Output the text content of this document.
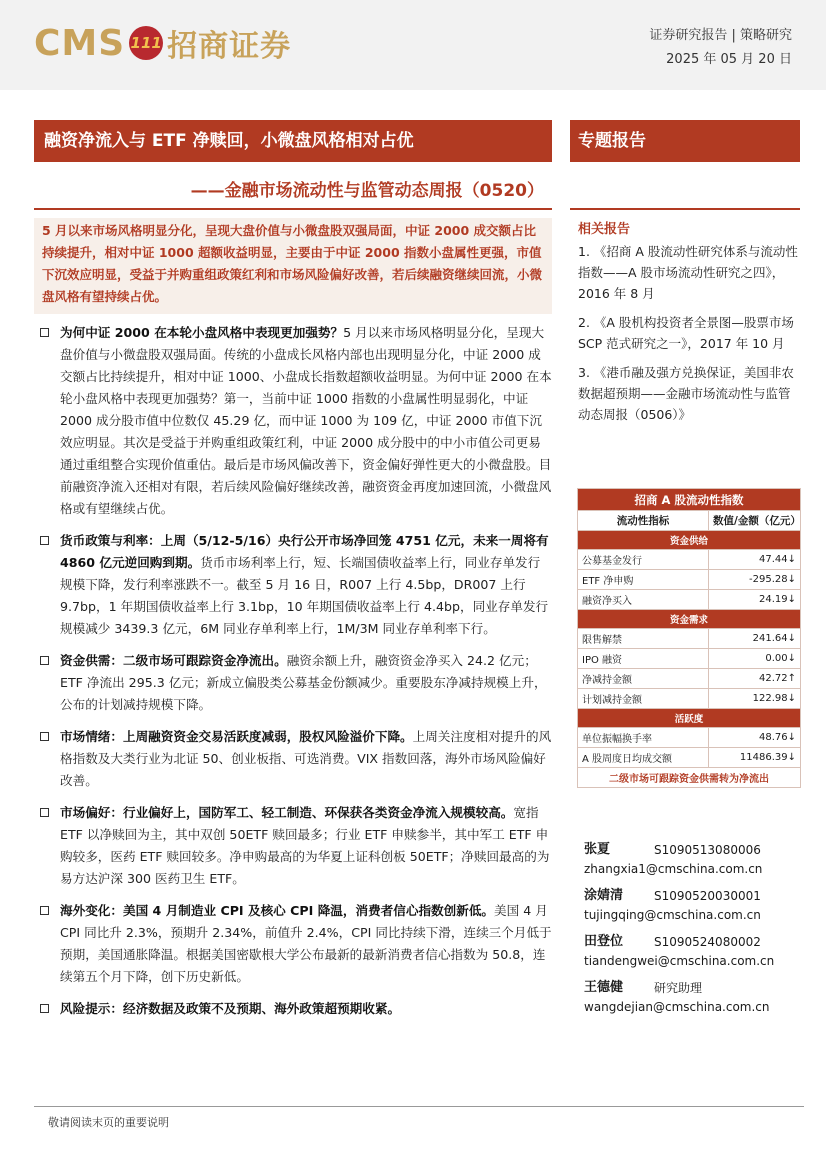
CMS 111 招商证券	证券研究报告 | 策略研究
2025 年 05 月 20 日
融资净流入与 ETF 净赎回，小微盘风格相对占优
——金融市场流动性与监管动态周报（0520）
专题报告
5 月以来市场风格明显分化，呈现大盘价值与小微盘股双强局面，中证 2000 成交额占比持续提升，相对中证 1000 超额收益明显，主要由于中证 2000 指数小盘属性更强，市值下沉效应明显，受益于并购重组政策红利和市场风险偏好改善，若后续融资继续回流，小微盘风格有望持续占优。
为何中证 2000 在本轮小盘风格中表现更加强势？5 月以来市场风格明显分化，呈现大盘价值与小微盘股双强局面。传统的小盘成长风格内部也出现明显分化，中证 2000 成交额占比持续提升，相对中证 1000、小盘成长指数超额收益明显。为何中证 2000 在本轮小盘风格中表现更加强势？第一，当前中证 1000 指数的小盘属性明显弱化，中证 2000 成分股市值中位数仅 45.29 亿，而中证 1000 为 109 亿，中证 2000 市值下沉效应明显。其次是受益于并购重组政策红利，中证 2000 成分股中的中小市值公司更易通过重组整合实现价值重估。最后是市场风偏改善下，资金偏好弹性更大的小微盘股。目前融资净流入还相对有限，若后续风险偏好继续改善，融资资金再度加速回流，小微盘风格或有望继续占优。
货币政策与利率：上周（5/12-5/16）央行公开市场净回笼 4751 亿元，未来一周将有 4860 亿元逆回购到期。货币市场利率上行，短、长端国债收益率上行，同业存单发行规模下降，发行利率涨跌不一。截至 5 月 16 日，R007 上行 4.5bp，DR007 上行 9.7bp，1 年期国债收益率上行 3.1bp，10 年期国债收益率上行 4.4bp，同业存单发行规模减少 3439.3 亿元，6M 同业存单利率上行，1M/3M 同业存单利率下行。
资金供需：二级市场可跟踪资金净流出。融资余额上升，融资资金净买入 24.2 亿元；ETF 净流出 295.3 亿元；新成立偏股类公募基金份额减少。重要股东净减持规模上升，公布的计划减持规模下降。
市场情绪：上周融资资金交易活跃度减弱，股权风险溢价下降。上周关注度相对提升的风格指数及大类行业为北证 50、创业板指、可选消费。VIX 指数回落，海外市场风险偏好改善。
市场偏好：行业偏好上，国防军工、轻工制造、环保获各类资金净流入规模较高。宽指 ETF 以净赎回为主，其中双创 50ETF 赎回最多；行业 ETF 申赎参半，其中军工 ETF 申购较多，医药 ETF 赎回较多。净申购最高的为华夏上证科创板 50ETF；净赎回最高的为易方达沪深 300 医药卫生 ETF。
海外变化：美国 4 月制造业 CPI 及核心 CPI 降温，消费者信心指数创新低。美国 4 月 CPI 同比升 2.3%，预期升 2.34%，前值升 2.4%，CPI 同比持续下滑，连续三个月低于预期，美国通胀降温。根据美国密歇根大学公布最新的最新消费者信心指数为 50.8，连续第五个月下降，创下历史新低。
风险提示：经济数据及政策不及预期、海外政策超预期收紧。
相关报告
1. 《招商 A 股流动性研究体系与流动性指数——A 股市场流动性研究之四》，2016 年 8 月
2. 《A 股机构投资者全景图—股票市场 SCP 范式研究之一》，2017 年 10 月
3. 《港币融及强方兑换保证，美国非农数据超预期——金融市场流动性与监管动态周报（0506）》
招商 A 股流动性指数	
流动性指标	数值/金额（亿元）
资金供给	
公募基金发行	47.44↓
ETF 净申购	-295.28↓
融资净买入	24.19↓
资金需求	
限售解禁	241.64↓
IPO 融资	0.00↓
净减持金额	42.72↑
计划减持金额	122.98↓
活跃度	
单位振幅换手率	48.76↓
A 股周度日均成交额	11486.39↓
二级市场可跟踪资金供需转为净流出	
张夏	S1090513080006
zhangxia1@cmschina.com.cn
涂婧清	S1090520030001
tujingqing@cmschina.com.cn
田登位	S1090524080002
tiandengwei@cmschina.com.cn
王德健	研究助理
wangdejian@cmschina.com.cn
敬请阅读末页的重要说明
